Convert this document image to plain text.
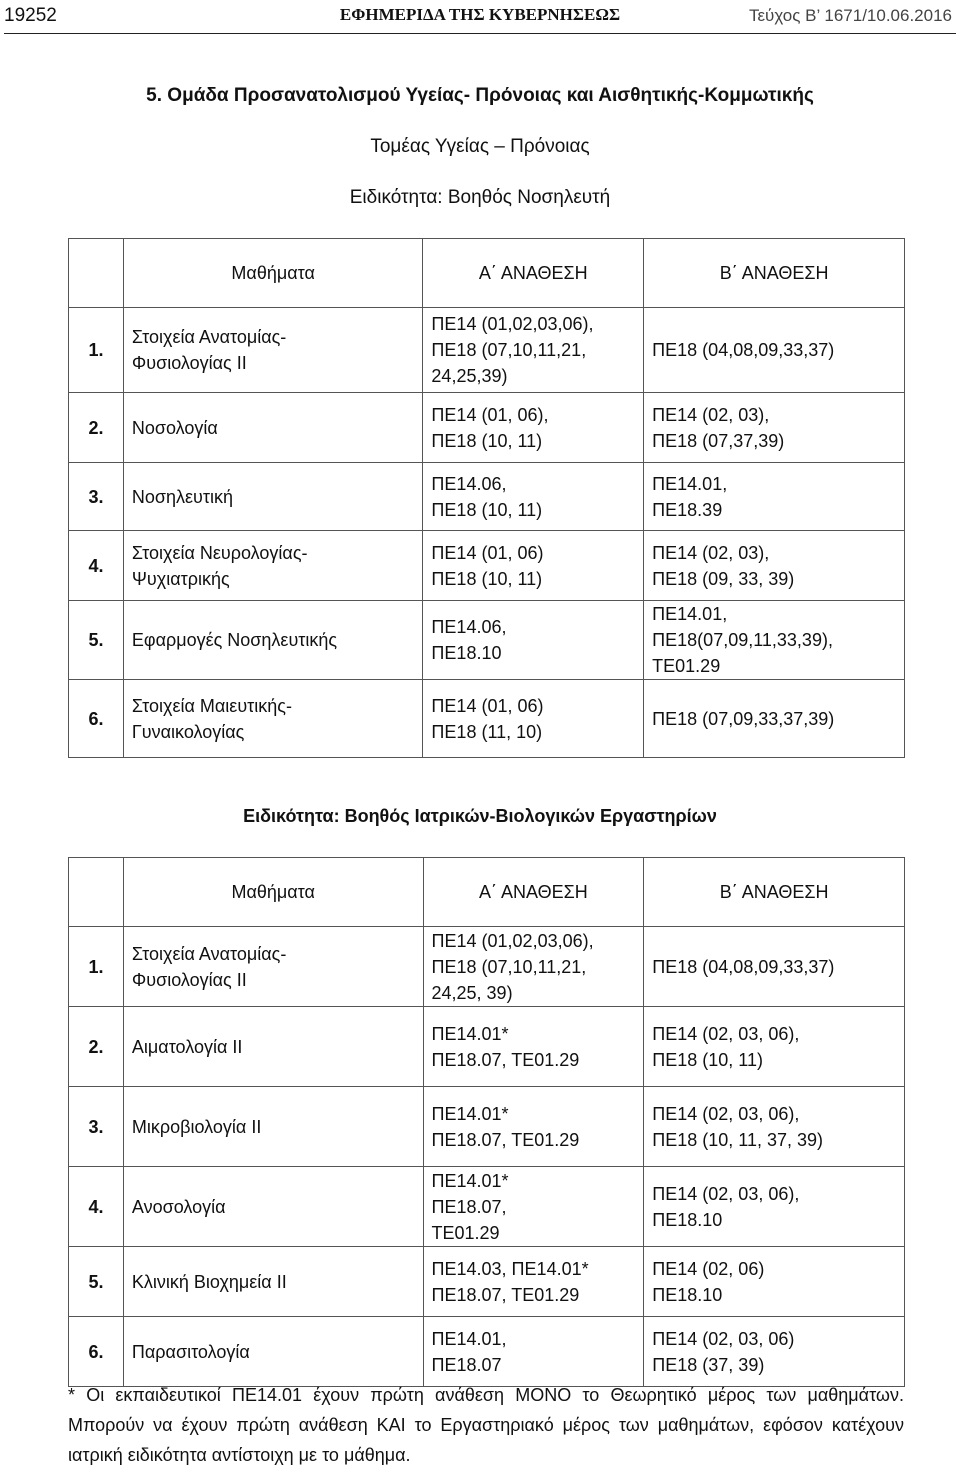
19252	ΕΦΗΜΕΡΙΔΑ ΤΗΣ ΚΥΒΕΡΝΗΣΕΩΣ	Τεύχος Β’ 1671/10.06.2016
5. Ομάδα Προσανατολισμού Υγείας- Πρόνοιας και Αισθητικής-Κομμωτικής
Τομέας Υγείας – Πρόνοιας
Ειδικότητα: Βοηθός Νοσηλευτή
	Μαθήματα	Α΄ ΑΝΑΘΕΣΗ	Β΄ ΑΝΑΘΕΣΗ
1.	Στοιχεία Ανατομίας-
Φυσιολογίας ΙΙ	ΠΕ14 (01,02,03,06),
ΠΕ18 (07,10,11,21,
24,25,39)	ΠΕ18 (04,08,09,33,37)
2.	Νοσολογία	ΠΕ14 (01, 06),
ΠΕ18 (10, 11)	ΠΕ14 (02, 03),
ΠΕ18 (07,37,39)
3.	Νοσηλευτική	ΠΕ14.06,
ΠΕ18 (10, 11)	ΠΕ14.01,
ΠΕ18.39
4.	Στοιχεία Νευρολογίας-
Ψυχιατρικής	ΠΕ14 (01, 06)
ΠΕ18 (10, 11)	ΠΕ14 (02, 03),
ΠΕ18 (09, 33, 39)
5.	Εφαρμογές Νοσηλευτικής	ΠΕ14.06,
ΠΕ18.10	ΠΕ14.01,
ΠΕ18(07,09,11,33,39),
ΤΕ01.29
6.	Στοιχεία Μαιευτικής-
Γυναικολογίας	ΠΕ14 (01, 06)
ΠΕ18 (11, 10)	ΠΕ18 (07,09,33,37,39)
Ειδικότητα: Βοηθός Ιατρικών-Βιολογικών Εργαστηρίων
	Μαθήματα	Α΄ ΑΝΑΘΕΣΗ	Β΄ ΑΝΑΘΕΣΗ
1.	Στοιχεία Ανατομίας-
Φυσιολογίας ΙΙ	ΠΕ14 (01,02,03,06),
ΠΕ18 (07,10,11,21,
24,25, 39)	ΠΕ18 (04,08,09,33,37)
2.	Αιματολογία ΙΙ	ΠΕ14.01*
ΠΕ18.07, ΤΕ01.29	ΠΕ14 (02, 03, 06),
ΠΕ18 (10, 11)
3.	Μικροβιολογία ΙΙ	ΠΕ14.01*
ΠΕ18.07, ΤΕ01.29	ΠΕ14 (02, 03, 06),
ΠΕ18 (10, 11, 37, 39)
4.	Ανοσολογία	ΠΕ14.01*
ΠΕ18.07,
ΤΕ01.29	ΠΕ14 (02, 03, 06),
ΠΕ18.10
5.	Κλινική Βιοχημεία ΙΙ	ΠΕ14.03, ΠΕ14.01*
ΠΕ18.07, ΤΕ01.29	ΠΕ14 (02, 06)
ΠΕ18.10
6.	Παρασιτολογία	ΠΕ14.01,
ΠΕ18.07	ΠΕ14 (02, 03, 06)
ΠΕ18 (37, 39)
* Οι εκπαιδευτικοί ΠΕ14.01 έχουν πρώτη ανάθεση ΜΟΝΟ το Θεωρητικό μέρος των μαθημάτων. Μπορούν να έχουν πρώτη ανάθεση ΚΑΙ το Εργαστηριακό μέρος των μαθημάτων, εφόσον κατέχουν ιατρική ειδικότητα αντίστοιχη με το μάθημα.
